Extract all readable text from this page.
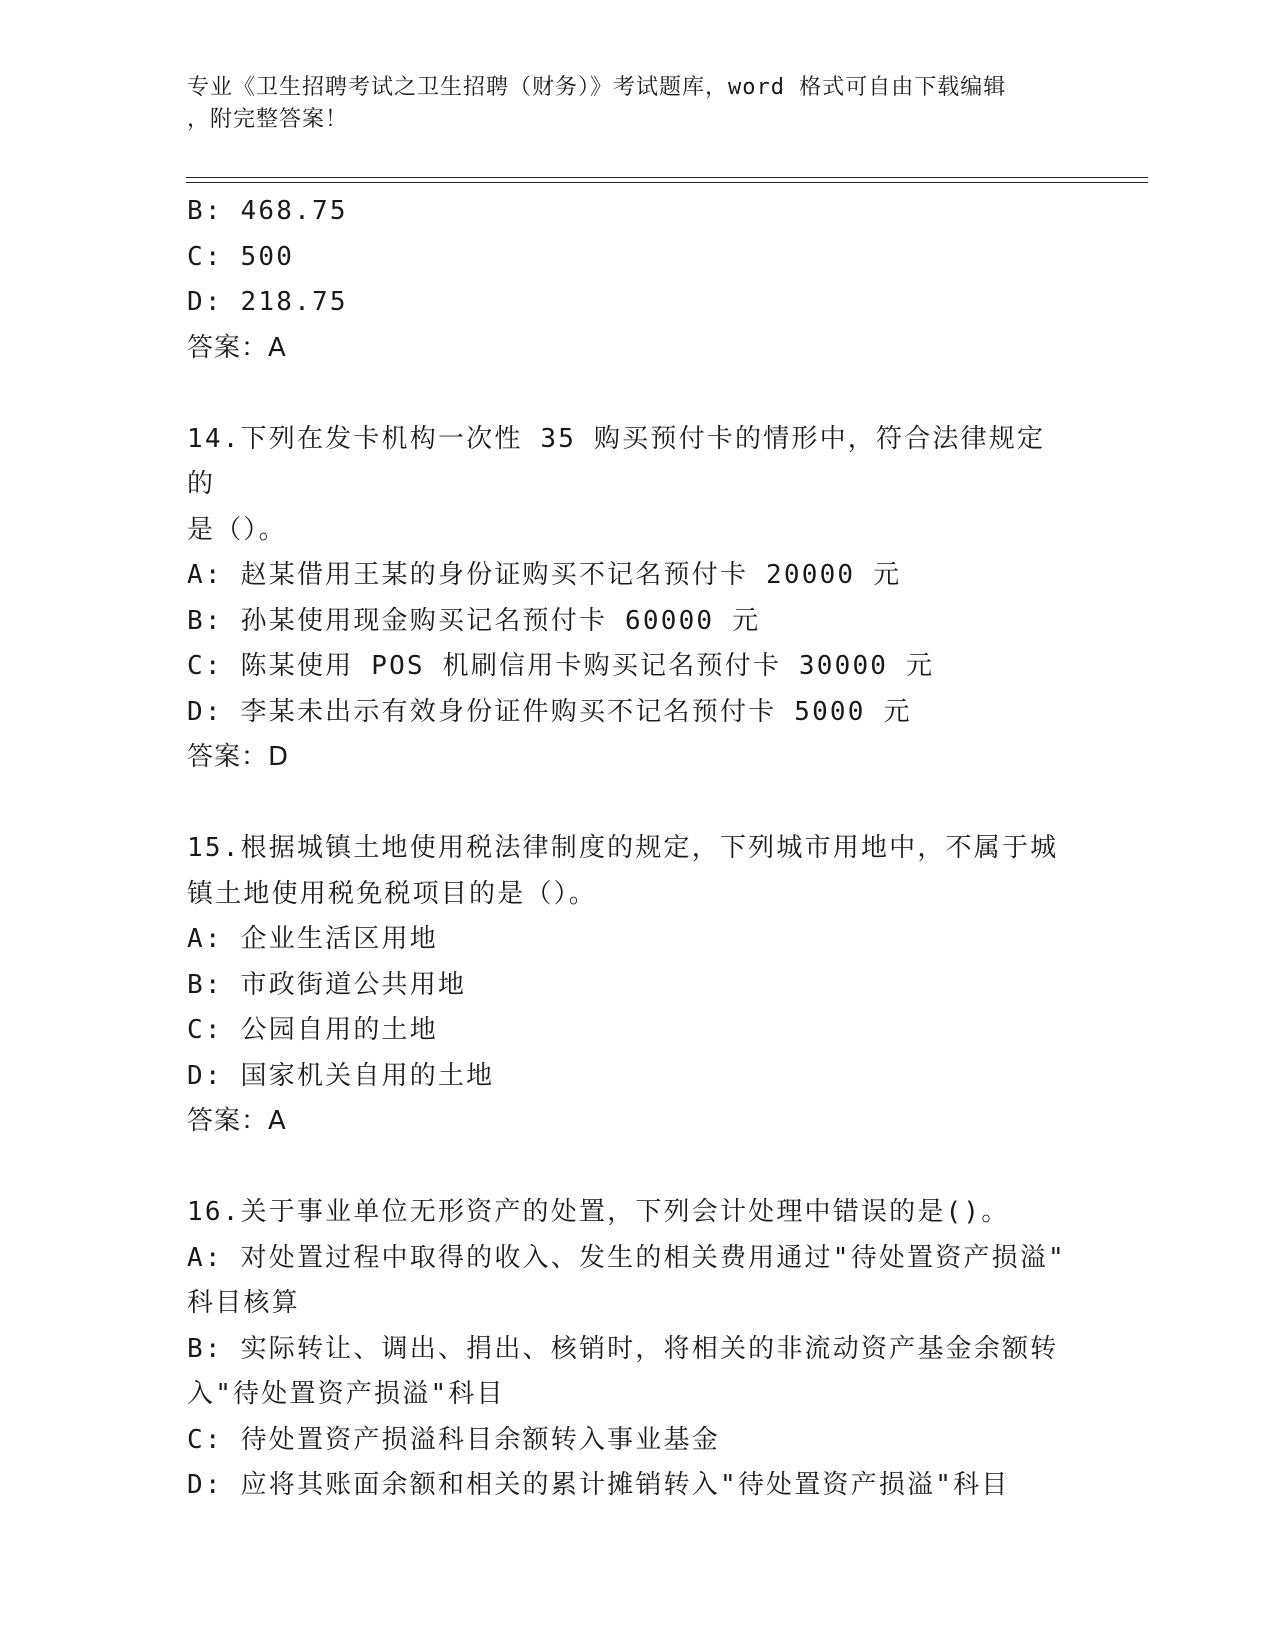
专业《卫生招聘考试之卫生招聘（财务）》考试题库，word 格式可自由下载编辑
，附完整答案！
B: 468.75
C: 500
D: 218.75
答案：A
14.下列在发卡机构一次性 35 购买预付卡的情形中，符合法律规定的
是（）。
A: 赵某借用王某的身份证购买不记名预付卡 20000 元
B: 孙某使用现金购买记名预付卡 60000 元
C: 陈某使用 POS 机刷信用卡购买记名预付卡 30000 元
D: 李某未出示有效身份证件购买不记名预付卡 5000 元
答案：D
15.根据城镇土地使用税法律制度的规定，下列城市用地中，不属于城
镇土地使用税免税项目的是（）。
A: 企业生活区用地
B: 市政街道公共用地
C: 公园自用的土地
D: 国家机关自用的土地
答案：A
16.关于事业单位无形资产的处置，下列会计处理中错误的是()。
A: 对处置过程中取得的收入、发生的相关费用通过"待处置资产损溢"
科目核算
B: 实际转让、调出、捐出、核销时，将相关的非流动资产基金余额转
入"待处置资产损溢"科目
C: 待处置资产损溢科目余额转入事业基金
D: 应将其账面余额和相关的累计摊销转入"待处置资产损溢"科目
